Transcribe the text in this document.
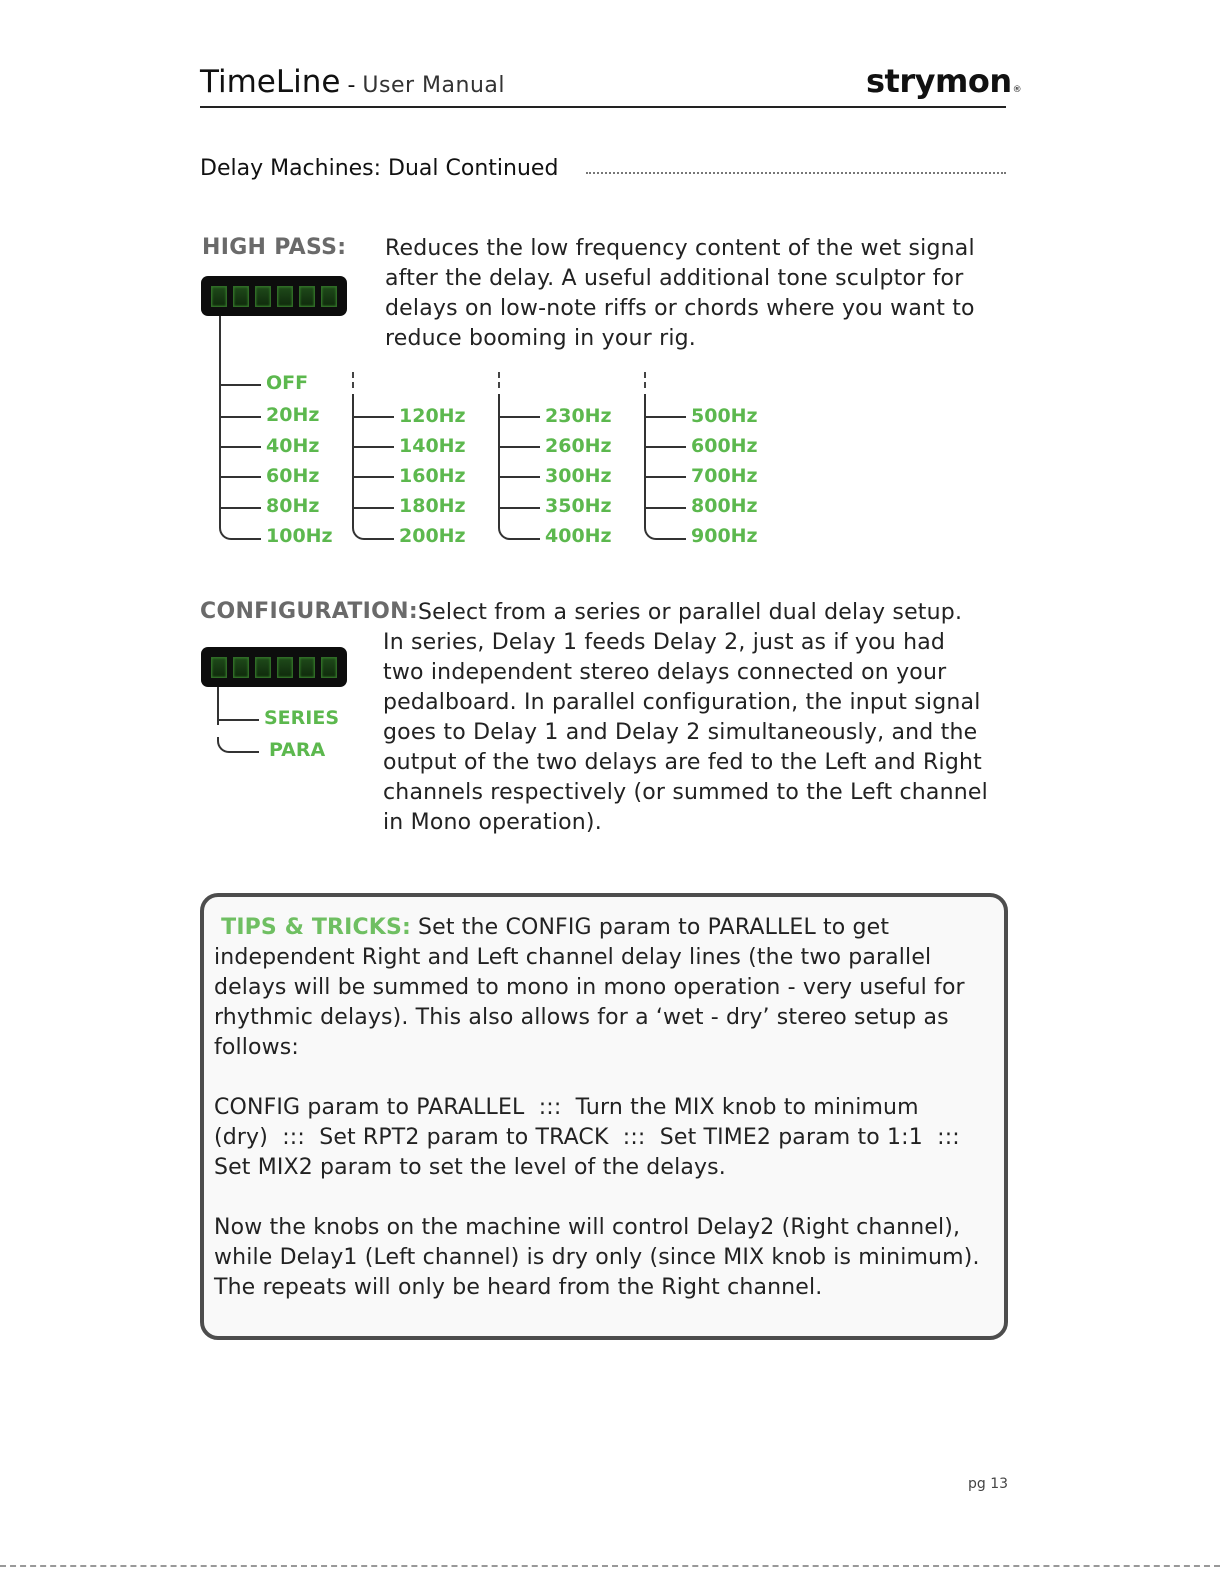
TimeLine - User Manual	strymon®
Delay Machines: Dual Continued
HIGH PASS: Reduces the low frequency content of the wet signal
after the delay. A useful additional tone sculptor for
delays on low-note riffs or chords where you want to
reduce booming in your rig.
OFF
20Hz
40Hz
60Hz
80Hz
100Hz
120Hz
140Hz
160Hz
180Hz
200Hz
230Hz
260Hz
300Hz
350Hz
400Hz
500Hz
600Hz
700Hz
800Hz
900Hz
CONFIGURATION: Select from a series or parallel dual delay setup.
In series, Delay 1 feeds Delay 2, just as if you had
two independent stereo delays connected on your
pedalboard. In parallel configuration, the input signal
goes to Delay 1 and Delay 2 simultaneously, and the
output of the two delays are fed to the Left and Right
channels respectively (or summed to the Left channel
in Mono operation).
SERIES
PARA
TIPS & TRICKS: Set the CONFIG param to PARALLEL to get
independent Right and Left channel delay lines (the two parallel
delays will be summed to mono in mono operation - very useful for
rhythmic delays). This also allows for a ‘wet - dry’ stereo setup as
follows:
CONFIG param to PARALLEL  :::  Turn the MIX knob to minimum
(dry)  :::  Set RPT2 param to TRACK  :::  Set TIME2 param to 1:1  :::
Set MIX2 param to set the level of the delays.
Now the knobs on the machine will control Delay2 (Right channel),
while Delay1 (Left channel) is dry only (since MIX knob is minimum).
The repeats will only be heard from the Right channel.
pg 13
